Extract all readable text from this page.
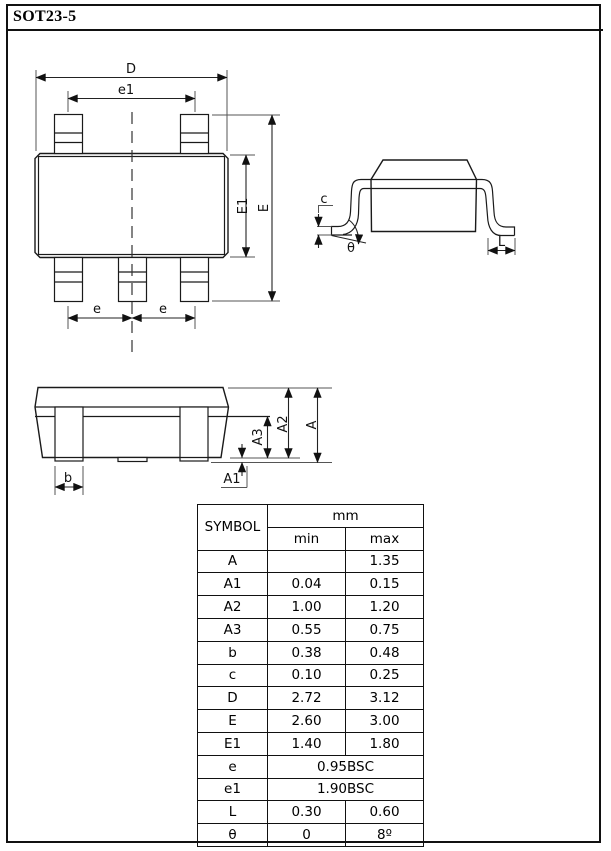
SOT23-5
D
e1
e	e
E1 E
θ
c
L
b
A3
A2 A
A1
SYMBOL	mm	
	min	max
A		1.35
A1	0.04	0.15
A2	1.00	1.20
A3	0.55	0.75
b	0.38	0.48
c	0.10	0.25
D	2.72	3.12
E	2.60	3.00
E1	1.40	1.80
e	0.95BSC	
e1	1.90BSC	
L	0.30	0.60
θ	0	8º
